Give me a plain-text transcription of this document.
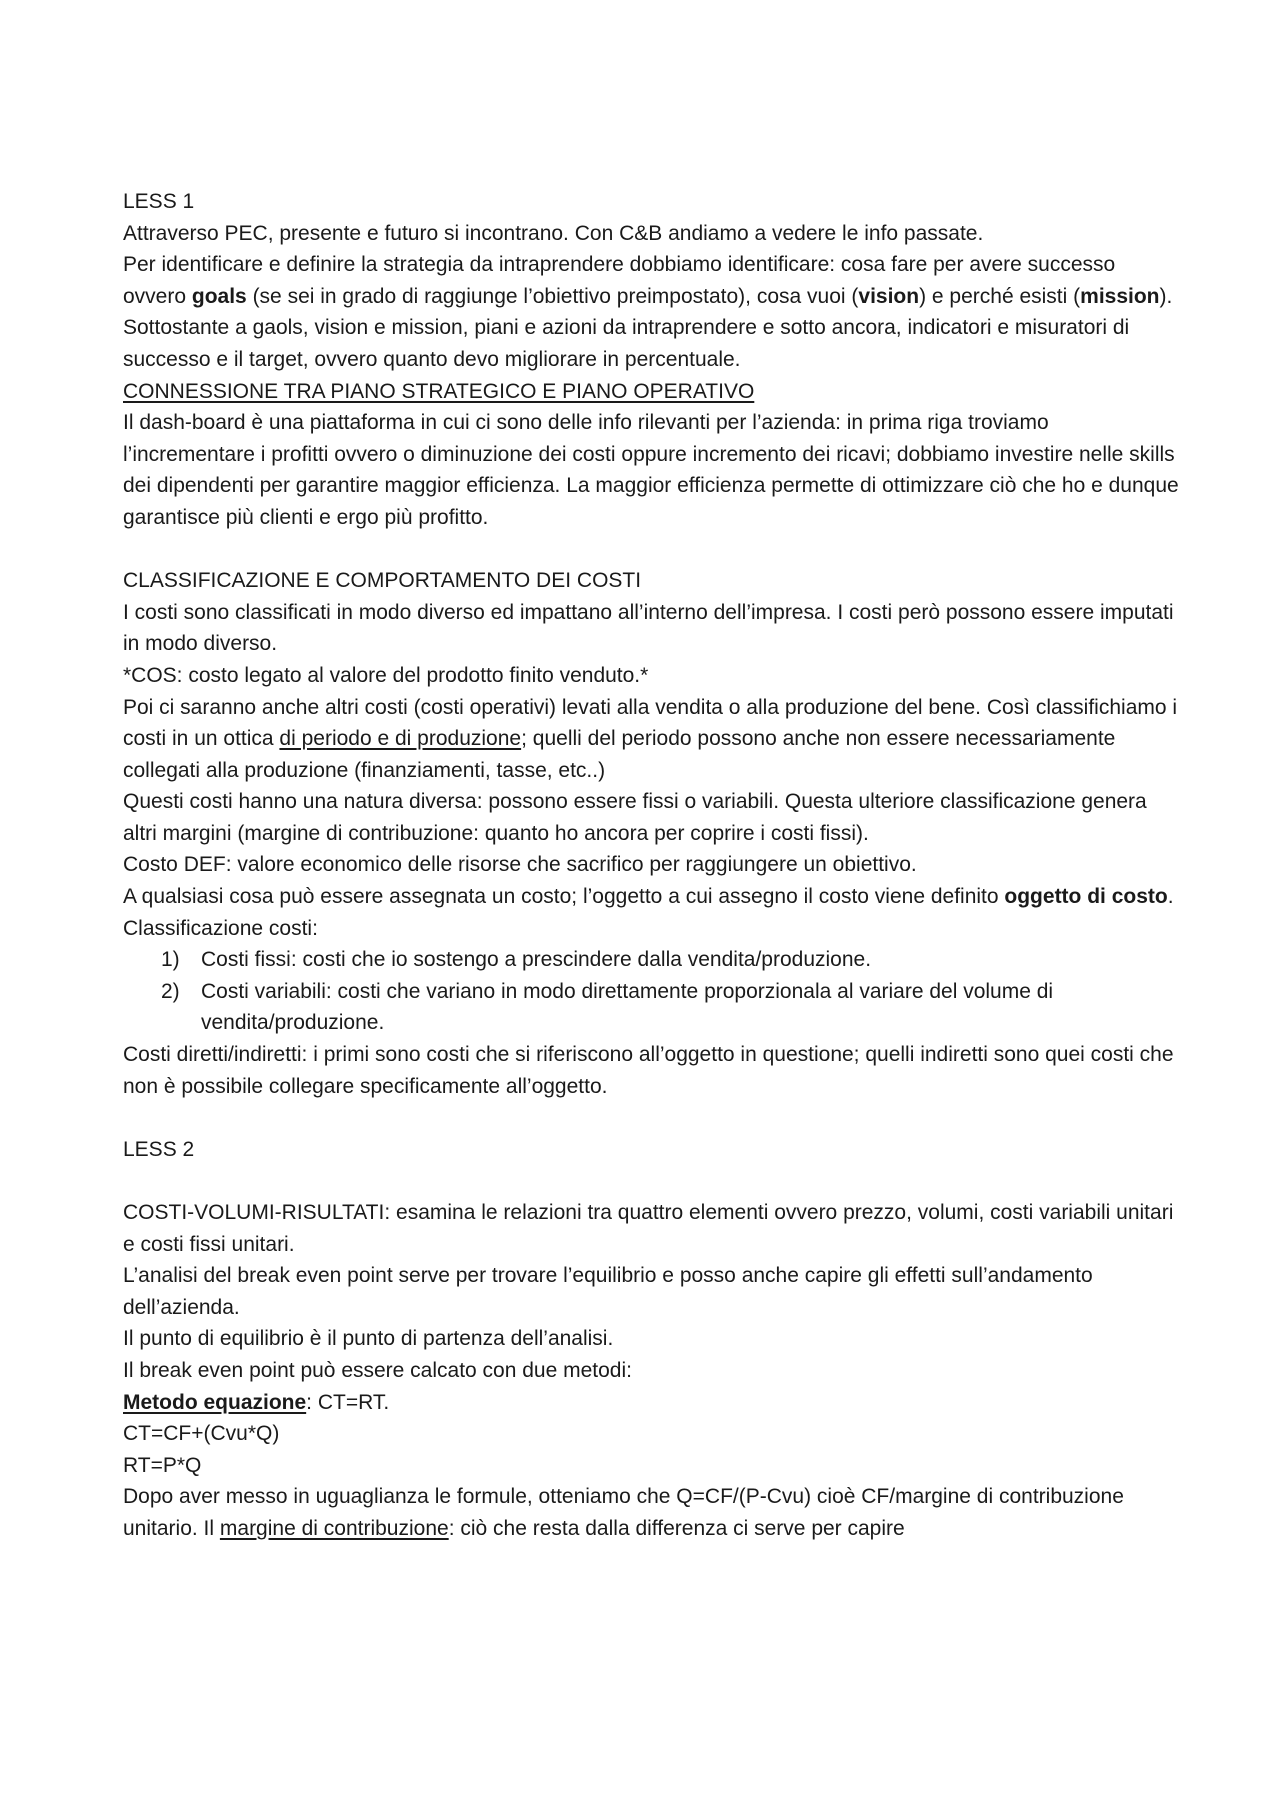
LESS 1

Attraverso PEC, presente e futuro si incontrano. Con C&B andiamo a vedere le info passate.

Per identificare e definire la strategia da intraprendere dobbiamo identificare: cosa fare per avere successo ovvero goals (se sei in grado di raggiunge l’obiettivo preimpostato), cosa vuoi (vision) e perché esisti (mission).

Sottostante a gaols, vision e mission, piani e azioni da intraprendere e sotto ancora, indicatori e misuratori di successo e il target, ovvero quanto devo migliorare in percentuale.

CONNESSIONE TRA PIANO STRATEGICO E PIANO OPERATIVO

Il dash-board è una piattaforma in cui ci sono delle info rilevanti per l’azienda: in prima riga troviamo l’incrementare i profitti ovvero o diminuzione dei costi oppure incremento dei ricavi; dobbiamo investire nelle skills dei dipendenti per garantire maggior efficienza. La maggior efficienza permette di ottimizzare ciò che ho e dunque garantisce più clienti e ergo più profitto.

CLASSIFICAZIONE E COMPORTAMENTO DEI COSTI

I costi sono classificati in modo diverso ed impattano all’interno dell’impresa. I costi però possono essere imputati in modo diverso.

*COS: costo legato al valore del prodotto finito venduto.*

Poi ci saranno anche altri costi (costi operativi) levati alla vendita o alla produzione del bene. Così classifichiamo i costi in un ottica di periodo e di produzione; quelli del periodo possono anche non essere necessariamente collegati alla produzione (finanziamenti, tasse, etc..)

Questi costi hanno una natura diversa: possono essere fissi o variabili. Questa ulteriore classificazione genera altri margini (margine di contribuzione: quanto ho ancora per coprire i costi fissi).

Costo DEF: valore economico delle risorse che sacrifico per raggiungere un obiettivo.

A qualsiasi cosa può essere assegnata un costo; l’oggetto a cui assegno il costo viene definito oggetto di costo.

Classificazione costi:

1) Costi fissi: costi che io sostengo a prescindere dalla vendita/produzione.
2) Costi variabili: costi che variano in modo direttamente proporzionala al variare del volume di vendita/produzione.

Costi diretti/indiretti: i primi sono costi che si riferiscono all’oggetto in questione; quelli indiretti sono quei costi che non è possibile collegare specificamente all’oggetto.

LESS 2

COSTI-VOLUMI-RISULTATI: esamina le relazioni tra quattro elementi ovvero prezzo, volumi, costi variabili unitari e costi fissi unitari.

L’analisi del break even point serve per trovare l’equilibrio e posso anche capire gli effetti sull’andamento dell’azienda.

Il punto di equilibrio è il punto di partenza dell’analisi.

Il break even point può essere calcato con due metodi:

Metodo equazione: CT=RT.

CT=CF+(Cvu*Q)

RT=P*Q

Dopo aver messo in uguaglianza le formule, otteniamo che Q=CF/(P-Cvu) cioè CF/margine di contribuzione unitario. Il margine di contribuzione: ciò che resta dalla differenza ci serve per capire
